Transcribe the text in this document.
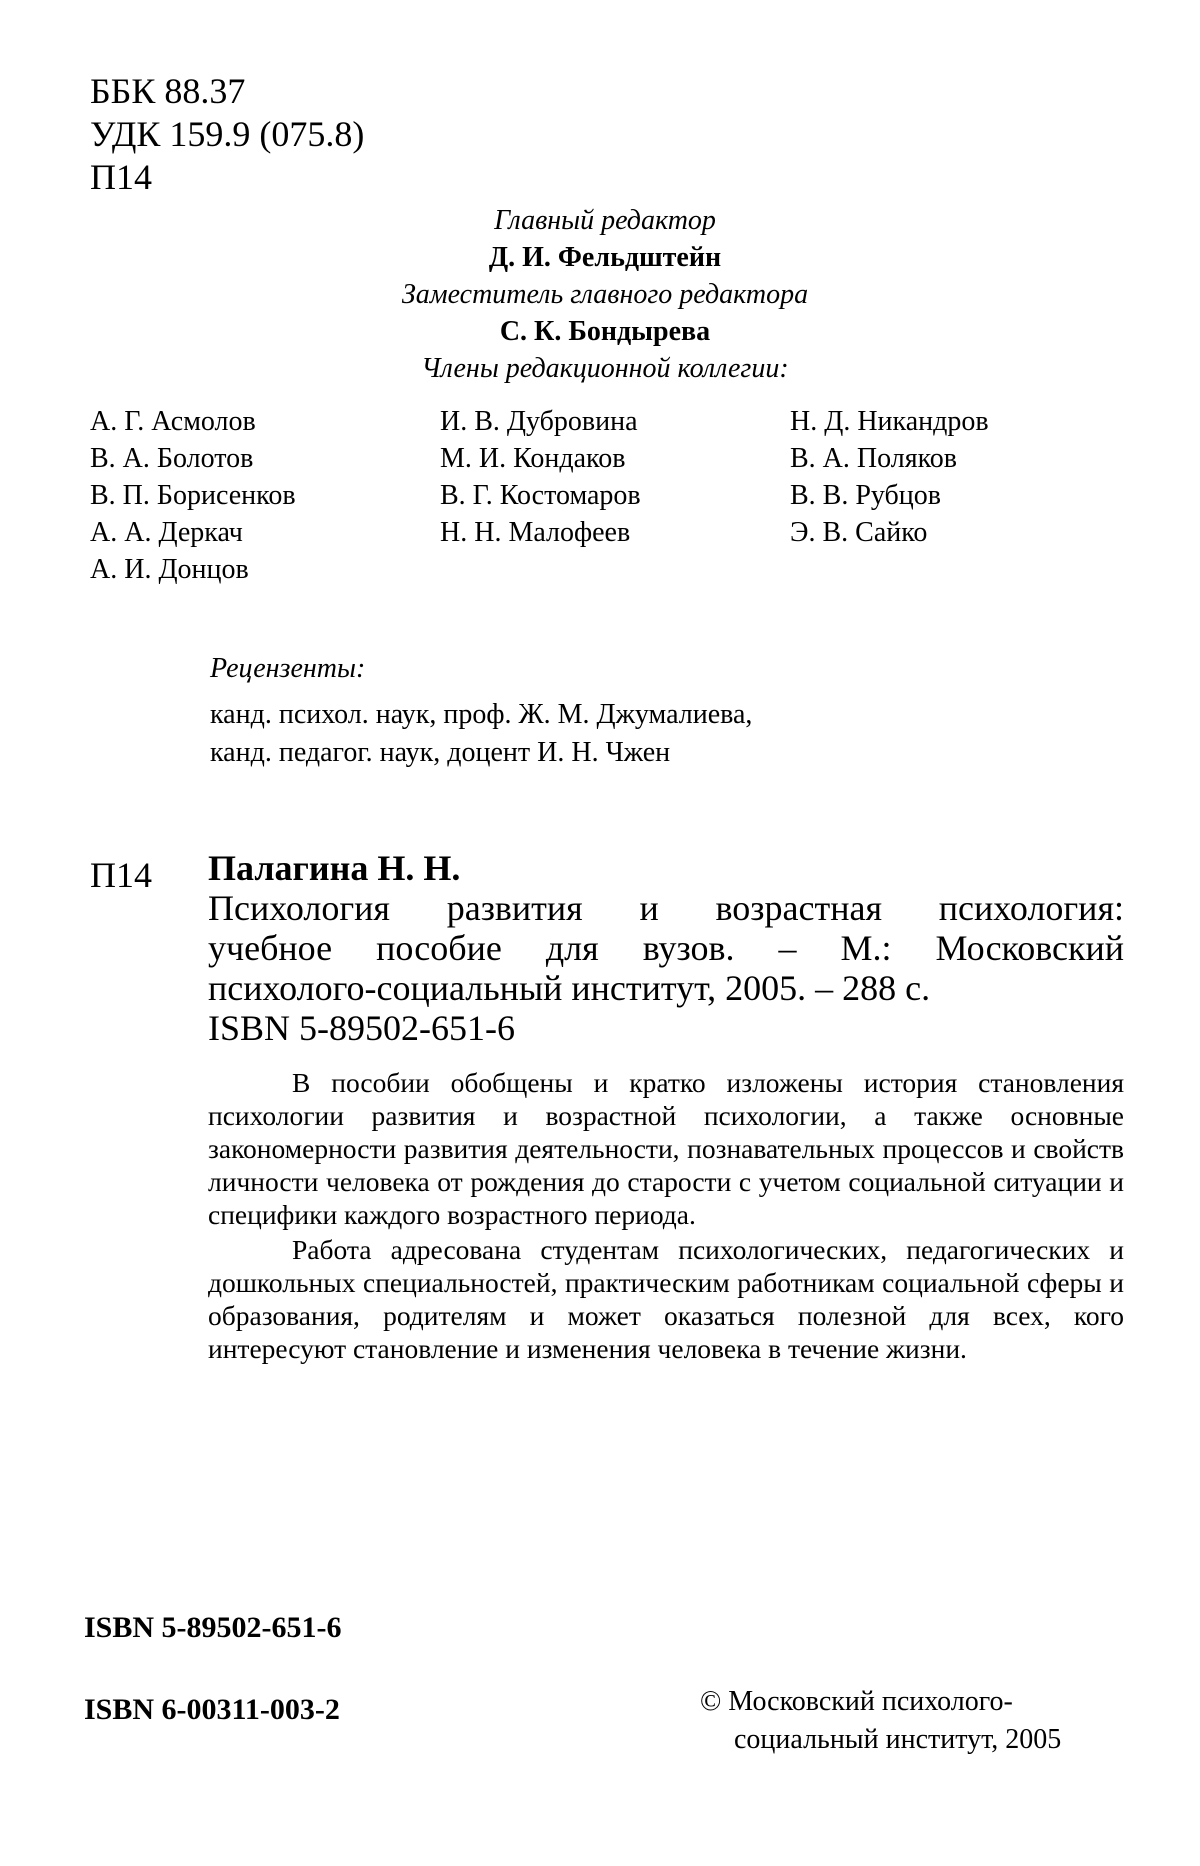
ББК 88.37
УДК 159.9 (075.8)
П14
Главный редактор
Д. И. Фельдштейн
Заместитель главного редактора
С. К. Бондырева
Члены редакционной коллегии:
А. Г. Асмолов
В. А. Болотов
В. П. Борисенков
А. А. Деркач
А. И. Донцов
И. В. Дубровина
М. И. Кондаков
В. Г. Костомаров
Н. Н. Малофеев
Н. Д. Никандров
В. А. Поляков
В. В. Рубцов
Э. В. Сайко
Рецензенты:
канд. психол. наук, проф. Ж. М. Джумалиева,
канд. педагог. наук, доцент И. Н. Чжен
П14 Палагина Н. Н.
Психология развития и возрастная психология:
учебное пособие для вузов. – М.: Московский
психолого-социальный институт, 2005. – 288 с.
ISBN 5-89502-651-6

В пособии обобщены и кратко изложены история становления психологии развития и возрастной психологии, а также основные закономерности развития деятельности, познавательных процессов и свойств личности человека от рождения до старости с учетом социальной ситуации и специфики каждого возрастного периода.

Работа адресована студентам психологических, педагогических и дошкольных специальностей, практическим работникам социальной сферы и образования, родителям и может оказаться полезной для всех, кого интересуют становление и изменения человека в течение жизни.

ISBN 5-89502-651-6
ISBN 6-00311-003-2	© Московский психолого-
социальный институт, 2005
